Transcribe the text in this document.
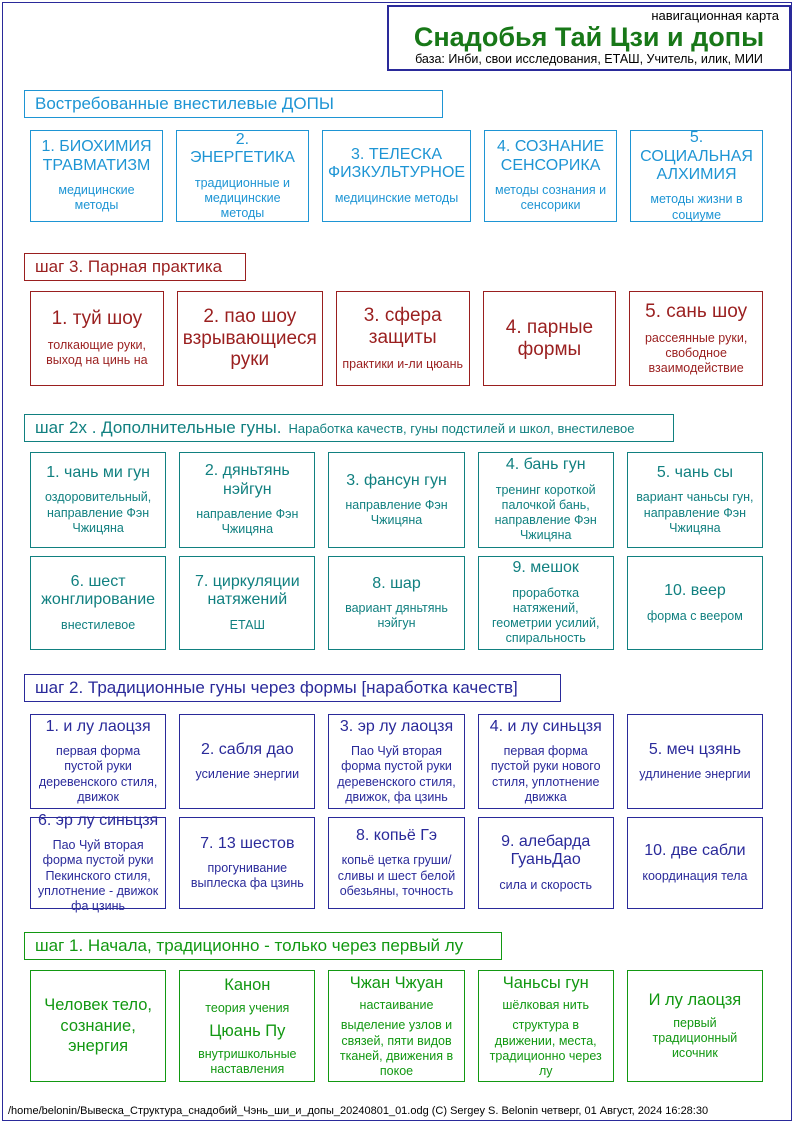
навигационная карта
Снадобья Тай Цзи и допы
база: Инби, свои исследования, ЕТАШ, Учитель, илик, МИИ
Востребованные внестилевые ДОПЫ
1. БИОХИМИЯ ТРАВМАТИЗМ
медицинские методы
2. ЭНЕРГЕТИКА
традиционные и медицинские методы
3. ТЕЛЕСКА ФИЗКУЛЬТУРНОЕ
медицинские методы
4. СОЗНАНИЕ СЕНСОРИКА
методы сознания и сенсорики
5. СОЦИАЛЬНАЯ АЛХИМИЯ
методы жизни в социуме
шаг 3. Парная практика
1. туй шоу
толкающие руки, выход на цинь на
2. пао шоу взрывающиеся руки
3. сфера защиты
практики и-ли цюань
4. парные формы
5. сань шоу
рассеянные руки, свободное взаимодействие
шаг 2х . Дополнительные гуны. Наработка качеств, гуны подстилей и школ, внестилевое
1. чань ми гун
оздоровительный, направление Фэн Чжицяна
2. дяньтянь нэйгун
направление Фэн Чжицяна
3. фансун гун
направление Фэн Чжицяна
4. бань гун
тренинг короткой палочкой бань, направление Фэн Чжицяна
5. чань сы
вариант чаньсы гун, направление Фэн Чжицяна
6. шест жонглирование
внестилевое
7. циркуляции натяжений
ЕТАШ
8. шар
вариант дяньтянь нэйгун
9. мешок
проработка натяжений, геометрии усилий, спиральность
10. веер
форма с веером
шаг 2. Традиционные гуны через формы [наработка качеств]
1. и лу лаоцзя
первая форма пустой руки деревенского стиля, движок
2. сабля дао
усиление энергии
3. эр лу лаоцзя
Пао Чуй вторая форма пустой руки деревенского стиля, движок, фа цзинь
4. и лу синьцзя
первая форма пустой руки нового стиля, уплотнение движка
5. меч цзянь
удлинение энергии
6. эр лу синьцзя
Пао Чуй вторая форма пустой руки Пекинского стиля, уплотнение - движок фа цзинь
7. 13 шестов
прогунивание выплеска фа цзинь
8. копьё Гэ
копьё цетка груши/сливы и шест белой обезьяны, точность
9. алебарда ГуаньДао
сила и скорость
10. две сабли
координация тела
шаг 1. Начала, традиционно - только через первый лу
Человек тело, сознание, энергия
Канон
теория учения
Цюань Пу
внутришкольные наставления
Чжан Чжуан
настаивание
выделение узлов и связей, пяти видов тканей, движения в покое
Чаньсы гун
шёлковая нить
структура в движении, места, традиционно через лу
И лу лаоцзя
первый традиционный исочник
/home/belonin/Вывеска_Структура_снадобий_Чэнь_ши_и_допы_20240801_01.odg (C) Sergey S. Belonin четверг, 01 Август, 2024 16:28:30
